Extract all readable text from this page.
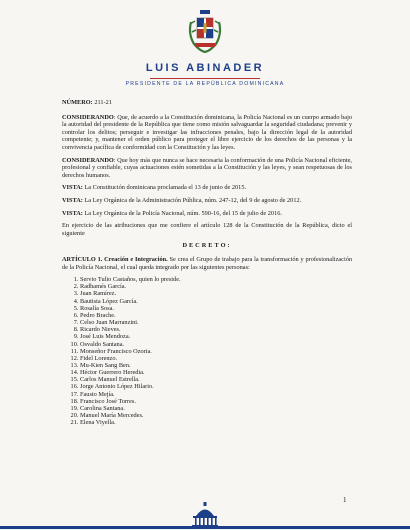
LUIS ABINADER
PRESIDENTE DE LA REPÚBLICA DOMINICANA
NÚMERO: 211-21

CONSIDERANDO: Que, de acuerdo a la Constitución dominicana, la Policía Nacional es un cuerpo armado bajo la autoridad del presidente de la República que tiene como misión salvaguardar la seguridad ciudadana; prevenir y controlar los delitos; perseguir e investigar las infracciones penales, bajo la dirección legal de la autoridad competente; y, mantener el orden público para proteger el libre ejercicio de los derechos de las personas y la convivencia pacífica de conformidad con la Constitución y las leyes.

CONSIDERANDO: Que hoy más que nunca se hace necesaria la conformación de una Policía Nacional eficiente, profesional y confiable, cuyas actuaciones estén sometidas a la Constitución y las leyes, y sean respetuosas de los derechos humanos.

VISTA: La Constitución dominicana proclamada el 13 de junio de 2015.

VISTA: La Ley Orgánica de la Administración Pública, núm. 247-12, del 9 de agosto de 2012.

VISTA: La Ley Orgánica de la Policía Nacional, núm. 590-16, del 15 de julio de 2016.

En ejercicio de las atribuciones que me confiere el artículo 128 de la Constitución de la República, dicto el siguiente

DECRETO:

ARTÍCULO 1. Creación e Integración. Se crea el Grupo de trabajo para la transformación y profesionalización de la Policía Nacional, el cual queda integrado por las siguientes personas:

1. Servio Tulio Castaños, quien lo preside.
2. Radhamés García.
3. Juan Ramírez.
4. Bautista López García.
5. Rosalía Sosa.
6. Pedro Brache.
7. Celso Juan Marranzini.
8. Ricardo Nieves.
9. José Luis Mendoza.
10. Osvaldo Santana.
11. Monseñor Francisco Ozoria.
12. Fidel Lorenzo.
13. Mu-Kien Sang Ben.
14. Héctor Guerrero Heredia.
15. Carlos Manuel Estrella.
16. Jorge Antonio López Hilario.
17. Fausto Mejía.
18. Francisco José Torres.
19. Carolina Santana.
20. Manuel María Mercedes.
21. Elena Viyella.
1
